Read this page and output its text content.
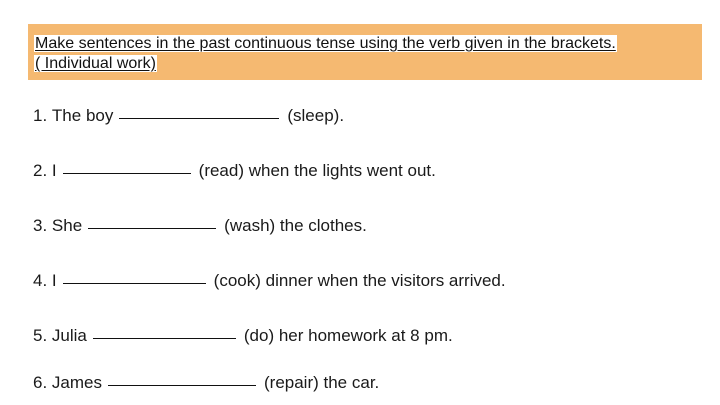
Make sentences in the past continuous tense using the verb given in the brackets.
( Individual work)
1.
The boy	(sleep).
2.
I	(read) when the lights went out.
3.
She	(wash) the clothes.
4.
I	(cook) dinner when the visitors arrived.
5.
Julia	(do) her homework at 8 pm.
6.
James	(repair) the car.
